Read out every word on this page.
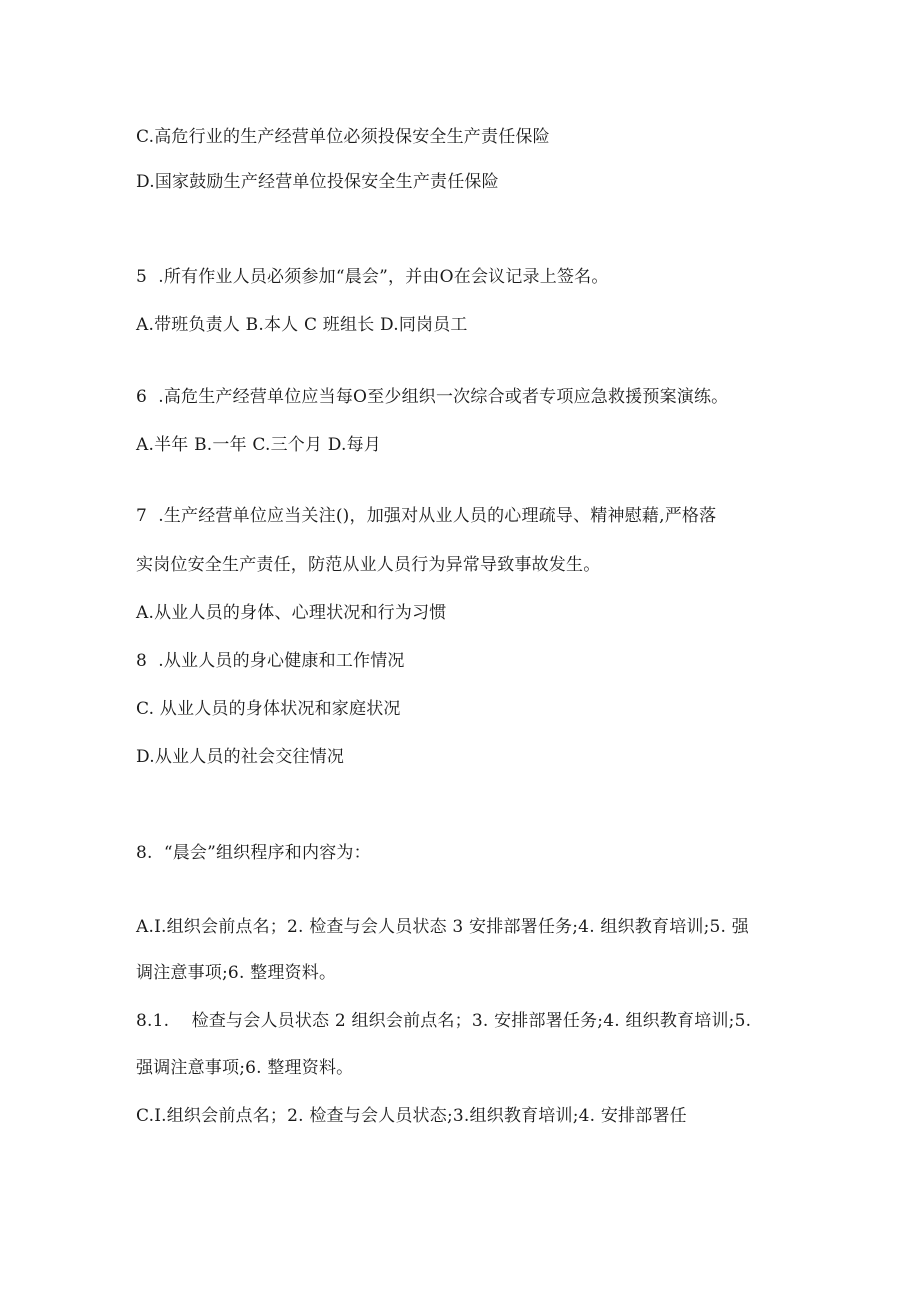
C.高危行业的生产经营单位必须投保安全生产责任保险
D.国家鼓励生产经营单位投保安全生产责任保险
5  .所有作业人员必须参加“晨会”，并由O在会议记录上签名。
A.带班负责人 B.本人 C 班组长 D.同岗员工
6  .高危生产经营单位应当每O至少组织一次综合或者专项应急救援预案演练。
A.半年 B.一年 C.三个月 D.每月
7  .生产经营单位应当关注()，加强对从业人员的心理疏导、精神慰藉,严格落
实岗位安全生产责任，防范从业人员行为异常导致事故发生。
A.从业人员的身体、心理状况和行为习惯
8  .从业人员的身心健康和工作情况
C. 从业人员的身体状况和家庭状况
D.从业人员的社会交往情况
8.  “晨会”组织程序和内容为：
A.I.组织会前点名；2. 检查与会人员状态 3 安排部署任务;4. 组织教育培训;5. 强
调注意事项;6. 整理资料。
8.1.    检查与会人员状态 2 组织会前点名；3. 安排部署任务;4. 组织教育培训;5.
强调注意事项;6. 整理资料。
C.I.组织会前点名；2. 检查与会人员状态;3.组织教育培训;4. 安排部署任
